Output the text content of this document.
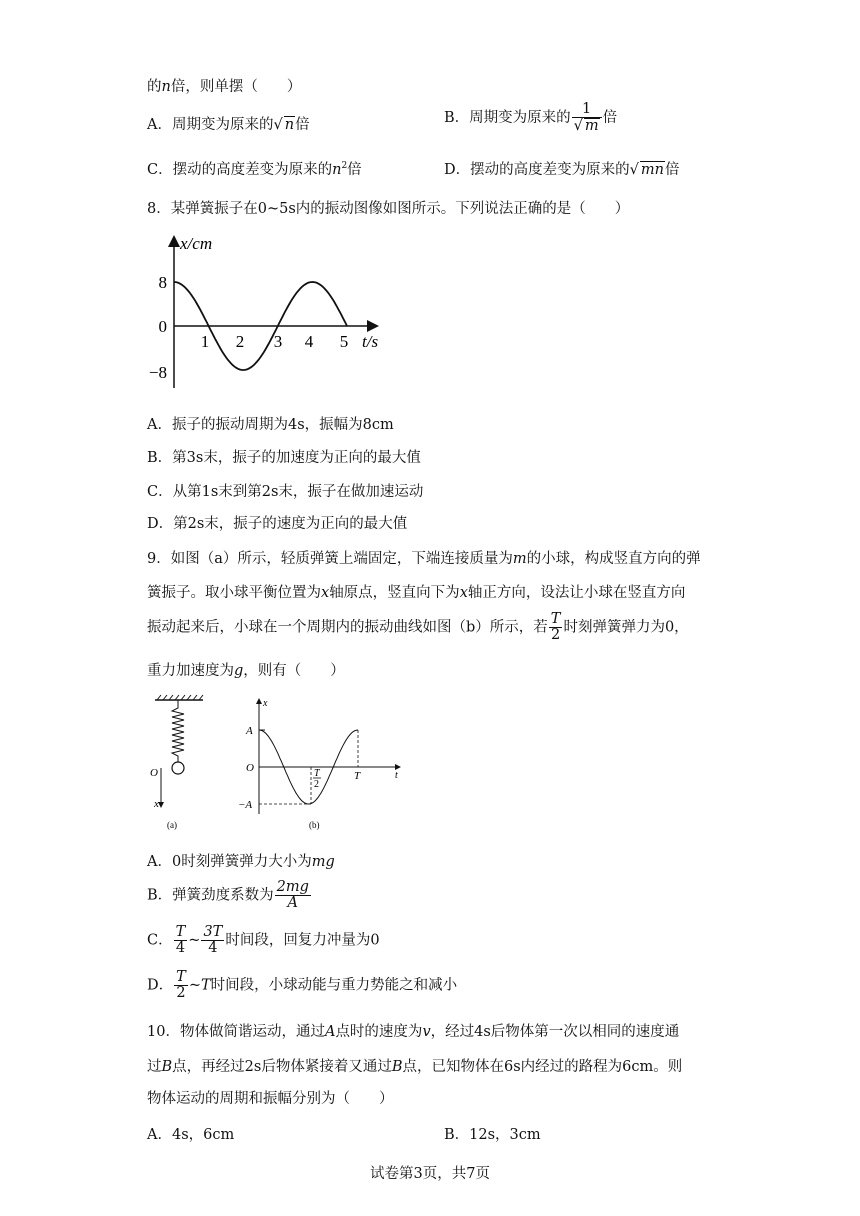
的n倍，则单摆（　　）
A．周期变为原来的√ n倍	B．周期变为原来的 $\frac{1}{√ m}$ 倍
C．摆动的高度差变为原来的$n^2$倍	D．摆动的高度差变为原来的√ mn倍
8．某弹簧振子在0~5s内的振动图像如图所示。下列说法正确的是（　　）
x/cm
t/s
8
0
−8
1 2 3 4 5
A．振子的振动周期为4s，振幅为8cm
B．第3s末，振子的加速度为正向的最大值
C．从第1s末到第2s末，振子在做加速运动
D．第2s末，振子的速度为正向的最大值
9．如图（a）所示，轻质弹簧上端固定，下端连接质量为m的小球，构成竖直方向的弹
簧振子。取小球平衡位置为x轴原点，竖直向下为x轴正方向，设法让小球在竖直方向
振动起来后，小球在一个周期内的振动曲线如图（b）所示，若 $\frac{T}{2}$ 时刻弹簧弹力为0，
重力加速度为g，则有（　　）
O
x
(a)
x
t
A
O
−A
T
2
T
(b)
A．0时刻弹簧弹力大小为mg
B．弹簧劲度系数为 $\frac{2mg}{A}$
C． $\frac{T}{4}$ ~ $\frac{3T}{4}$ 时间段，回复力冲量为0
D． $\frac{T}{2}$ ~T时间段，小球动能与重力势能之和减小
10．物体做简谐运动，通过A点时的速度为v，经过4s后物体第一次以相同的速度通
过B点，再经过2s后物体紧接着又通过B点，已知物体在6s内经过的路程为6cm。则
物体运动的周期和振幅分别为（　　）
A．4s，6cm	B．12s，3cm
试卷第3页，共7页
